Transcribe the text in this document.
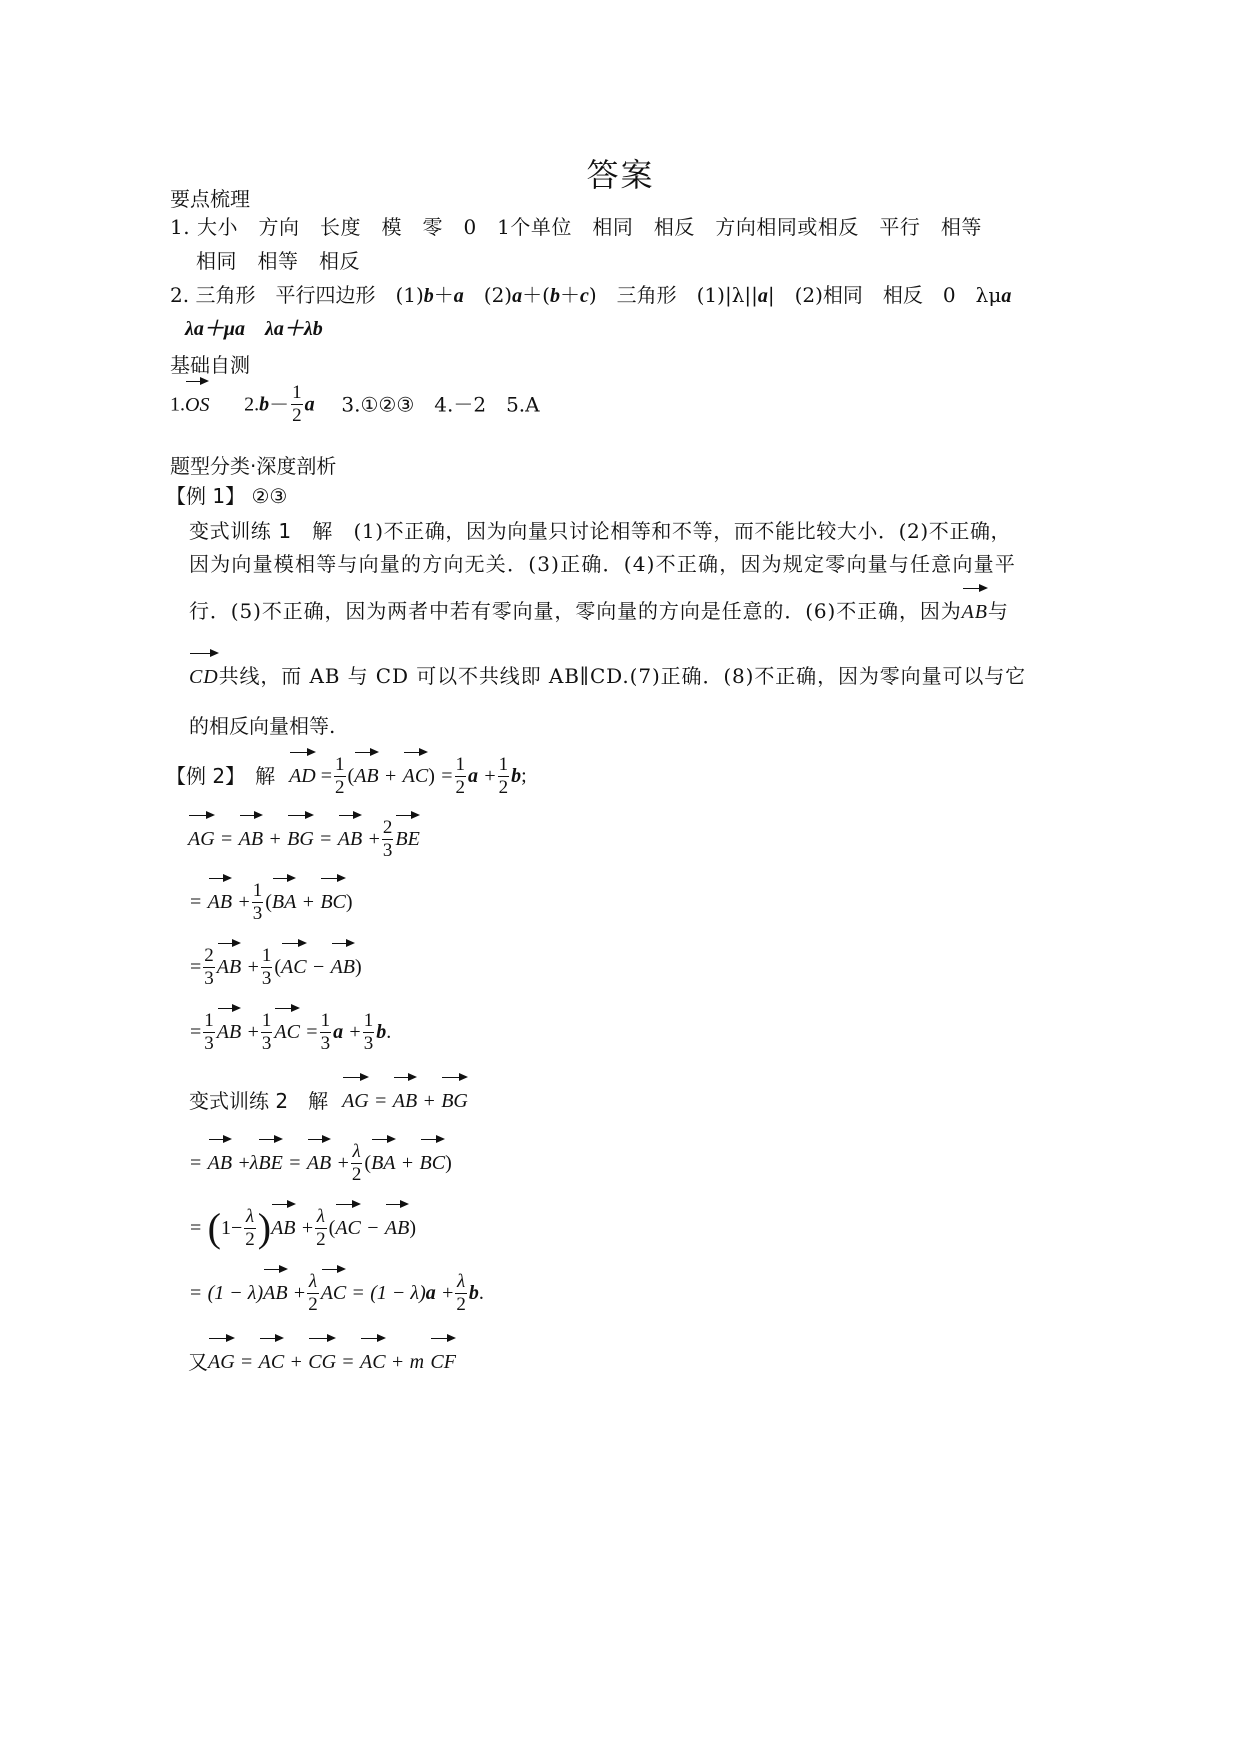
答案
要点梳理
1. 大小　方向　长度　模　零　0　1个单位　相同　相反　方向相同或相反　平行　相等
相同　相等　相反
2. 三角形　平行四边形　(1)b＋a　(2)a＋(b＋c)　三角形　(1)|λ||a|　(2)相同　相反　0　λμa
λa＋μa　λa＋λb
基础自测
1.OS $2.b- \frac{1}{2}$ a 3.①②③　4.－2　5.A
题型分类·深度剖析
【例 1】 ②③
变式训练 1　解　 (1)不正确，因为向量只讨论相等和不等，而不能比较大小．(2)不正确，
因为向量模相等与向量的方向无关．(3)正确．(4)不正确，因为规定零向量与任意向量平
行．(5)不正确，因为两者中若有零向量，零向量的方向是任意的．(6)不正确，因为AB与
CD共线，而 AB 与 CD 可以不共线即 AB∥CD.(7)正确．(8)不正确，因为零向量可以与它
的相反向量相等.
【例 2】　解 AD
= $\frac{1}{2}$ ( AB
+
AC )
= $\frac{1}{2}$ a
+ $\frac{1}{2}$ b ;
AG
=
AB
+
BG
=
AB
+ $\frac{2}{3}$ BE
=
AB
+ $\frac{1}{3}$ ( BA
+
BC )
= $\frac{2}{3}$ AB
+ $\frac{1}{3}$ ( AC
−
AB )
= $\frac{1}{3}$ AB
+ $\frac{1}{3}$ AC
= $\frac{1}{3}$ a
+ $\frac{1}{3}$ b .
变式训练 2　解 AG
=
AB
+
BG
=
AB
+ λ BE
=
AB
+ $\frac{\lambda}{2}$ ( BA
+
BC )
=
( $1- \frac{\lambda}{2}$ ) AB
+ $\frac{\lambda}{2}$ ( AC
−
AB )
=
(1 − λ) AB
+ $\frac{\lambda}{2}$ AC
=
(1 − λ) a
+ $\frac{\lambda}{2}$ b .
又 AG
=
AC
+
CG
=
AC
+
m
CF
